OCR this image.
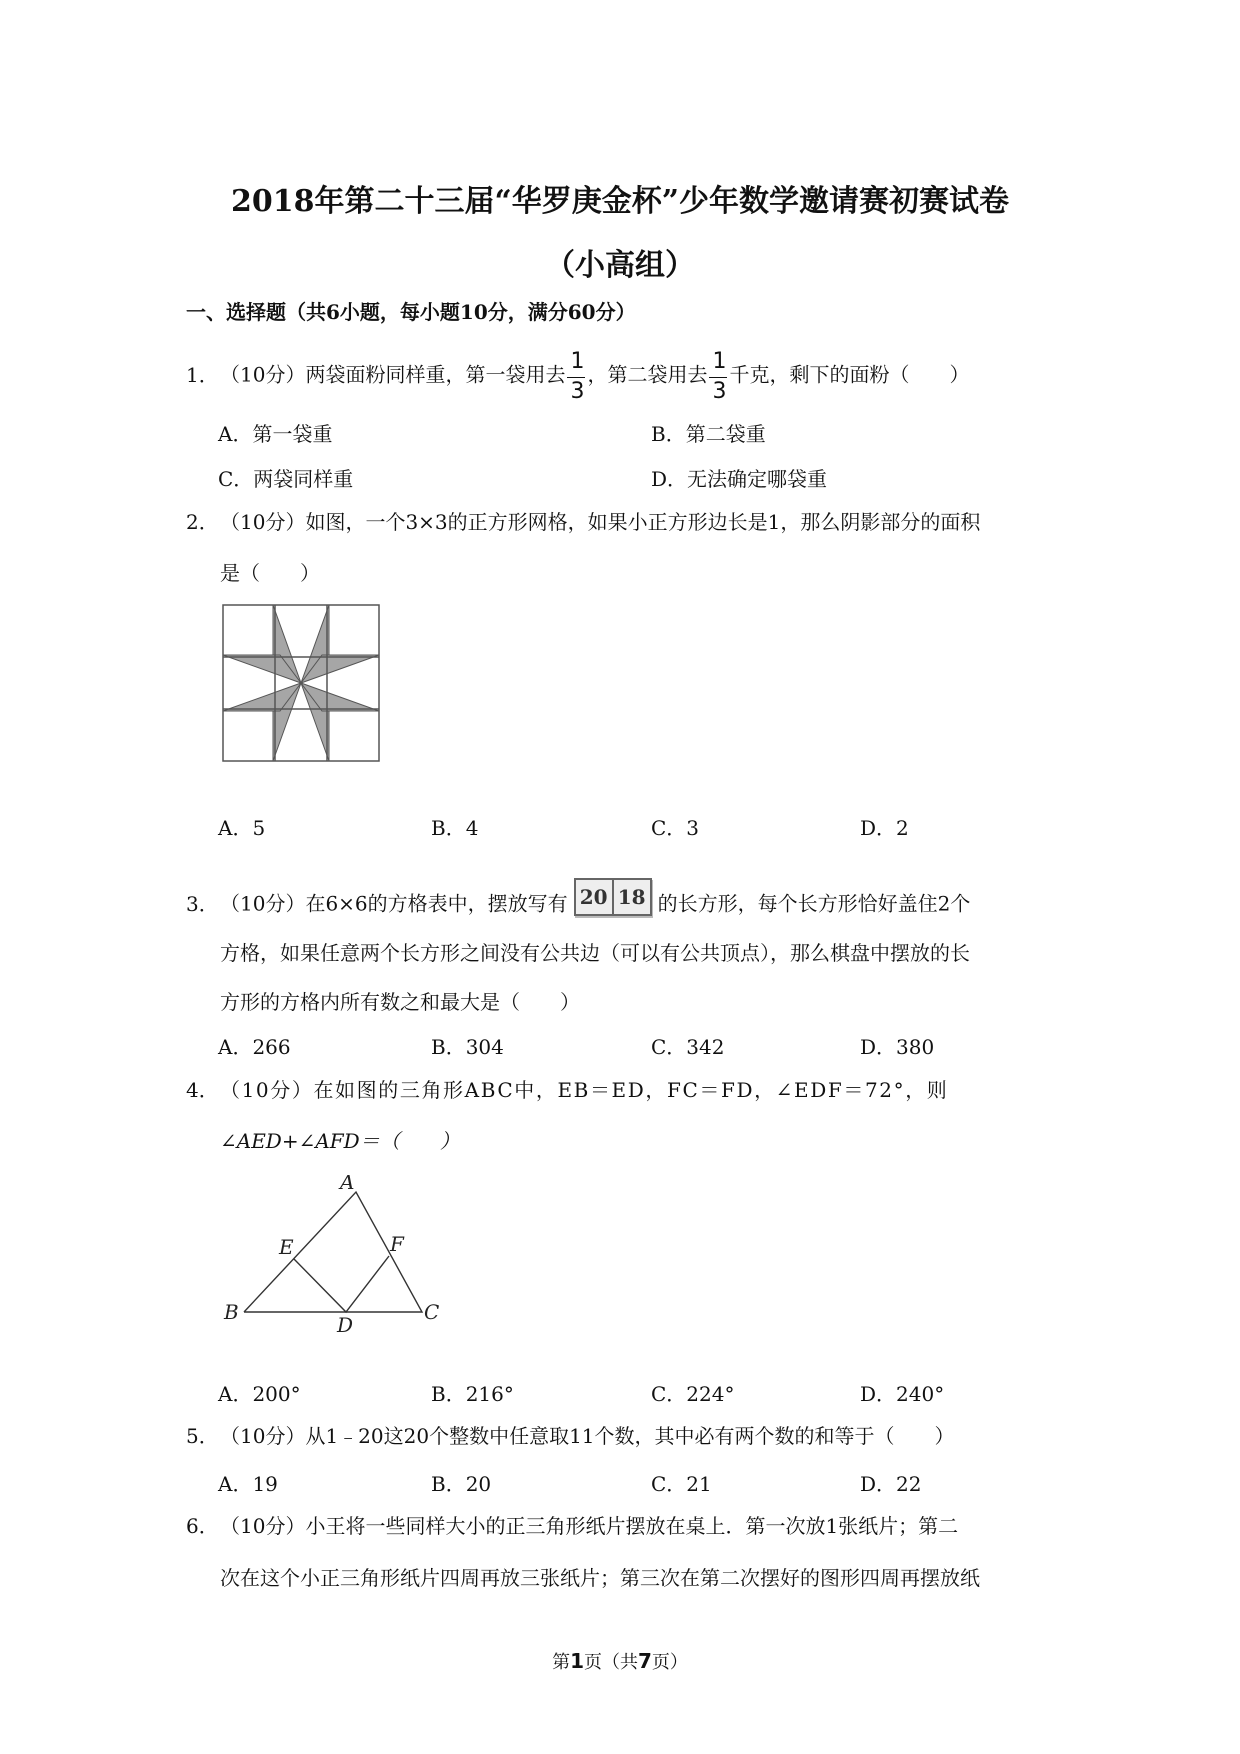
2018年第二十三届“华罗庚金杯”少年数学邀请赛初赛试卷
（小高组）
一、选择题（共6小题，每小题10分，满分60分）
1．（10分）两袋面粉同样重，第一袋用去 $\frac{1}{3}$ ，第二袋用去 $\frac{1}{3}$ 千克，剩下的面粉（　　）
A．第一袋重	B．第二袋重
C．两袋同样重	D．无法确定哪袋重
2．（10分）如图，一个3×3的正方形网格，如果小正方形边长是1，那么阴影部分的面积
是（　　）
A．5	B．4	C．3	D．2
3．（10分）在6×6的方格表中，摆放写有 20 18 的长方形，每个长方形恰好盖住2个
方格，如果任意两个长方形之间没有公共边（可以有公共顶点），那么棋盘中摆放的长
方形的方格内所有数之和最大是（　　）
A．266	B．304	C．342	D．380
4．（10分）在如图的三角形ABC中，EB＝ED，FC＝FD，∠EDF＝72°，则
∠AED+∠AFD＝（　　）
A
E	F
B
D
C
A．200°	B．216°	C．224°	D．240°
5．（10分）从1﹣20这20个整数中任意取11个数，其中必有两个数的和等于（　　）
A．19	B．20	C．21	D．22
6．（10分）小王将一些同样大小的正三角形纸片摆放在桌上．第一次放1张纸片；第二
次在这个小正三角形纸片四周再放三张纸片；第三次在第二次摆好的图形四周再摆放纸
第1页（共7页）
